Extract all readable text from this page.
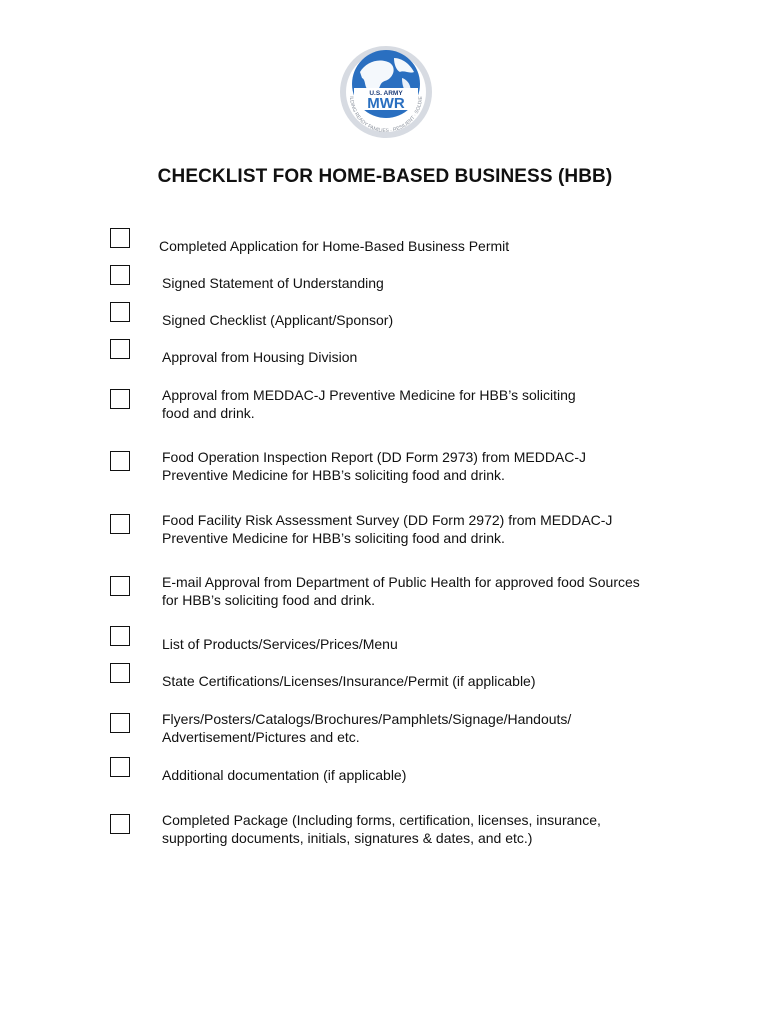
U.S. ARMY
MWR
ILDING READY FAMILIES · RESILIENT · SOLDIE
CHECKLIST FOR HOME-BASED BUSINESS (HBB)
Completed Application for Home-Based Business Permit
Signed Statement of Understanding
Signed Checklist (Applicant/Sponsor)
Approval from Housing Division
Approval from MEDDAC-J Preventive Medicine for HBB’s soliciting
food and drink.
Food Operation Inspection Report (DD Form 2973) from MEDDAC-J
Preventive Medicine for HBB’s soliciting food and drink.
Food Facility Risk Assessment Survey (DD Form 2972) from MEDDAC-J
Preventive Medicine for HBB’s soliciting food and drink.
E-mail Approval from Department of Public Health for approved food Sources
for HBB’s soliciting food and drink.
List of Products/Services/Prices/Menu
State Certifications/Licenses/Insurance/Permit (if applicable)
Flyers/Posters/Catalogs/Brochures/Pamphlets/Signage/Handouts/
Advertisement/Pictures and etc.
Additional documentation (if applicable)
Completed Package (Including forms, certification, licenses, insurance,
supporting documents, initials, signatures & dates, and etc.)
